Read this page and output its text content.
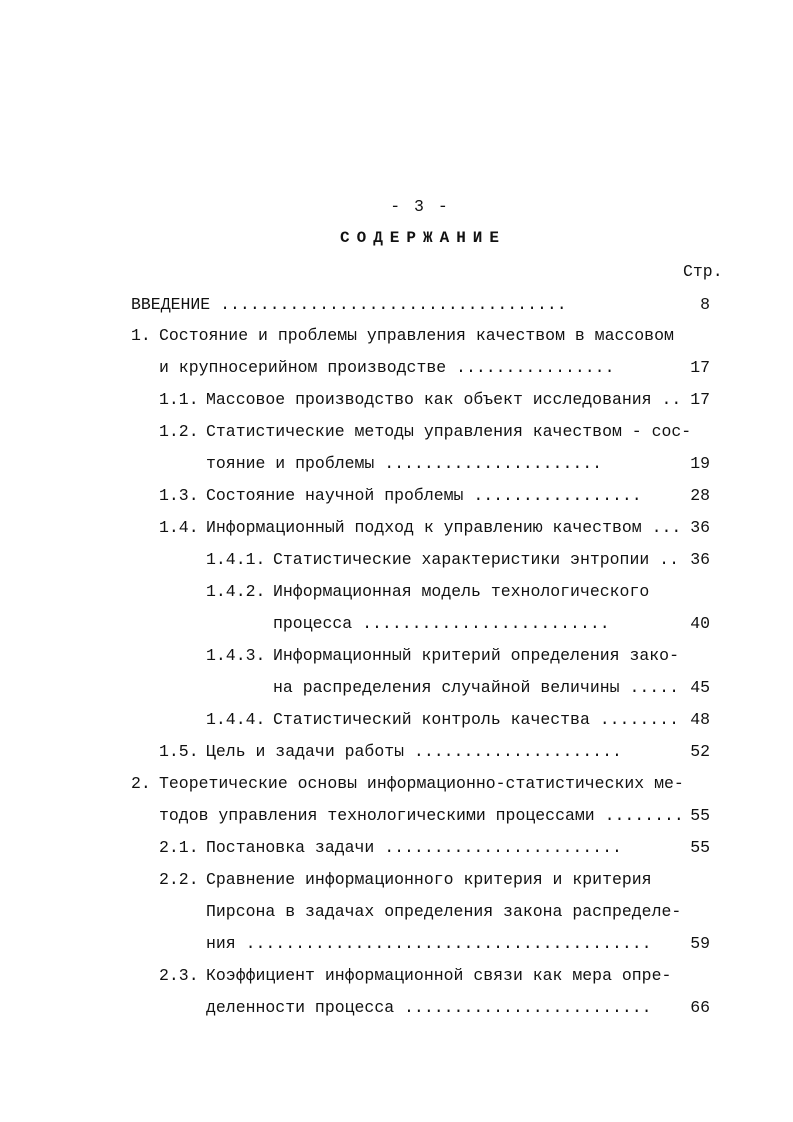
- 3 -
СОДЕРЖАНИЕ
Стр.
ВВЕДЕНИЕ ...................................	8
1. Состояние и проблемы управления качеством в массовом
и крупносерийном производстве ................	17
1.1. Массовое производство как объект исследования .. 17
1.2. Статистические методы управления качеством - сос-
тояние и проблемы ......................	19
1.3. Состояние научной проблемы .................	28
1.4. Информационный подход к управлению качеством ... 36
1.4.1. Статистические характеристики энтропии .. 36
1.4.2. Информационная модель технологического
процесса .........................	40
1.4.3. Информационный критерий определения зако-
на распределения случайной величины ..... 45
1.4.4. Статистический контроль качества ........ 48
1.5. Цель и задачи работы .....................	52
2. Теоретические основы информационно-статистических ме-
тодов управления технологическими процессами ........ 55
2.1. Постановка задачи ........................	55
2.2. Сравнение информационного критерия и критерия
Пирсона в задачах определения закона распределе-
ния .........................................	59
2.3. Коэффициент информационной связи как мера опре-
деленности процесса .........................	66
